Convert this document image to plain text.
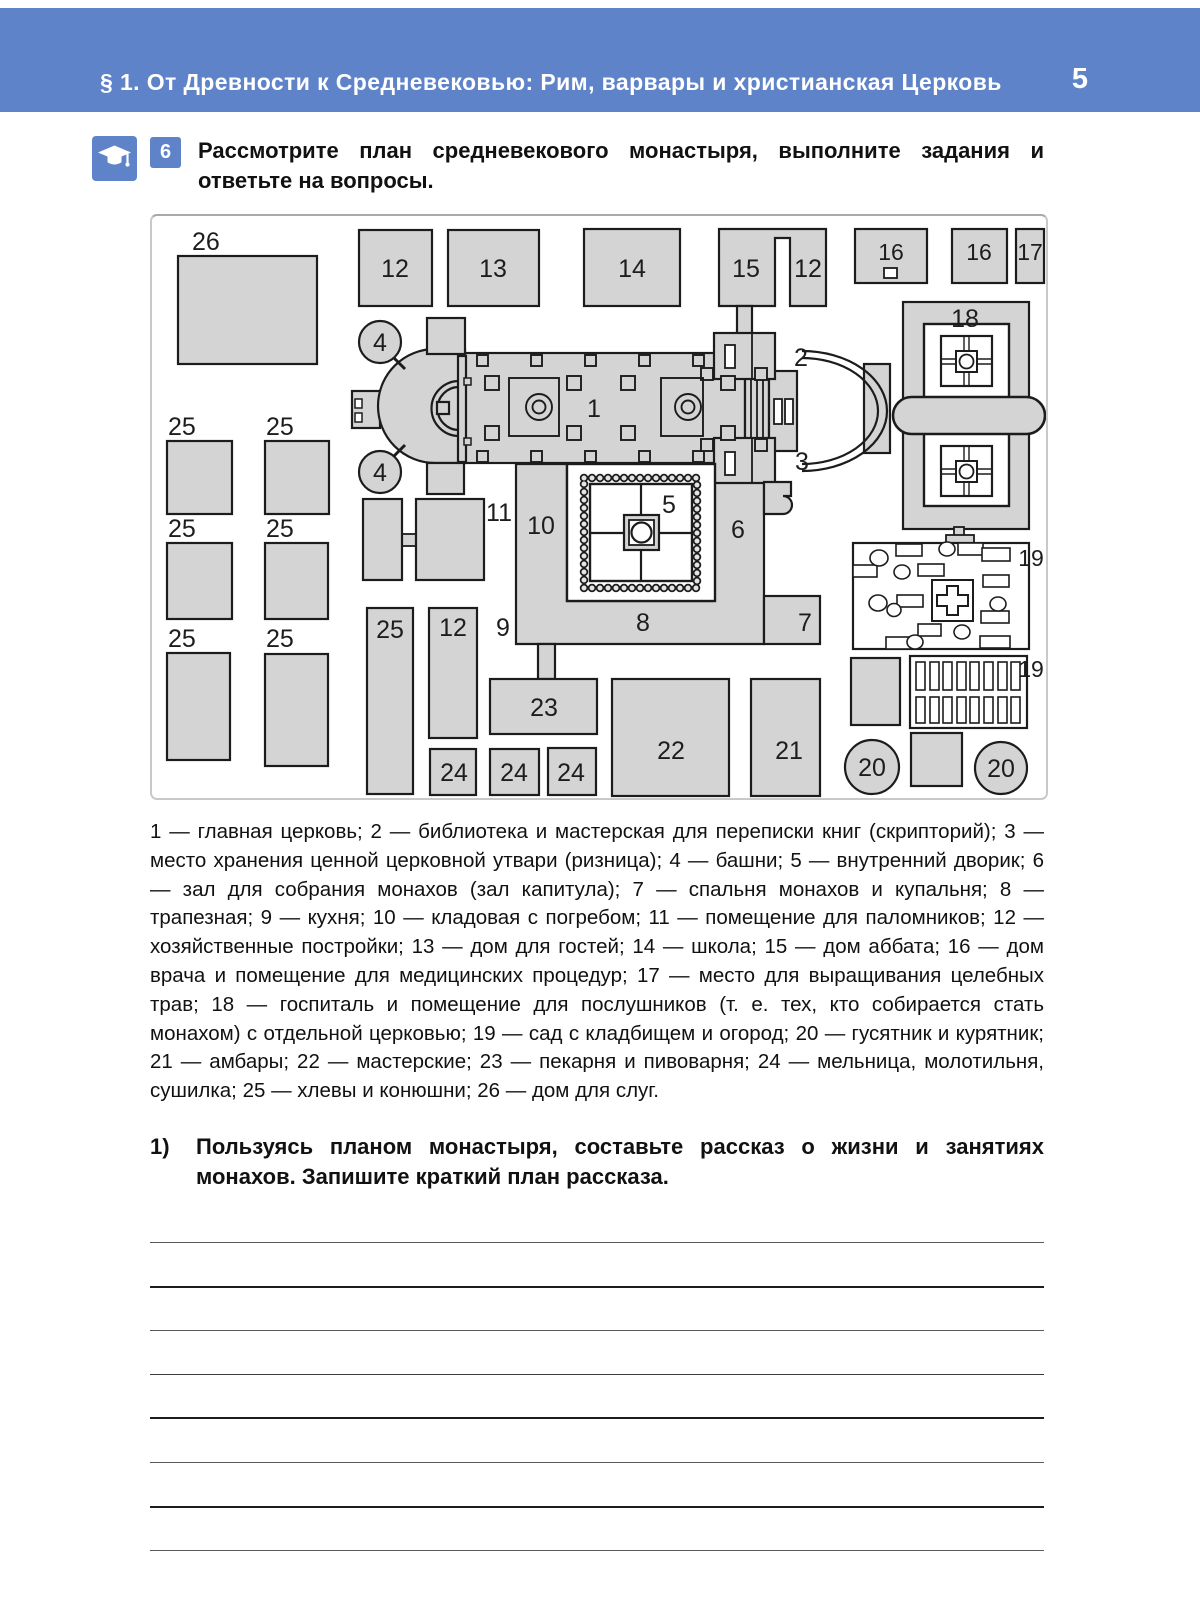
§ 1. От Древности к Средневековью: Рим, варвары и христианская Церковь 5
6	Рассмотрите план средневекового монастыря, выполните задания и ответьте на вопросы.
26
25	25
25	25
25	25	25
12	13	14	15 12
16	16 17
18
4
4
1
2
3
5
6
7
8
9
10
11
12
23
24 24 24
22	21
19
19
20	20

1 — главная церковь; 2 — библиотека и мастерская для переписки книг (скрипторий); 3 — место хранения ценной церковной утвари (ризница); 4 — башни; 5 — внутренний дворик; 6 — зал для собрания монахов (зал капитула); 7 — спальня монахов и купальня; 8 — трапезная; 9 — кухня; 10 — кладовая с погребом; 11 — помещение для паломников; 12 — хозяйственные постройки; 13 — дом для гостей; 14 — школа; 15 — дом аббата; 16 — дом врача и помещение для медицинских процедур; 17 — место для выращивания целебных трав; 18 — госпиталь и помещение для послушников (т. е. тех, кто собирается стать монахом) с отдельной церковью; 19 — сад с кладбищем и огород; 20 — гусятник и курятник; 21 — амбары; 22 — мастерские; 23 — пекарня и пивоварня; 24 — мельница, молотильня, сушилка; 25 — хлевы и конюшни; 26 — дом для слуг.

1)	Пользуясь планом монастыря, составьте рассказ о жизни и занятиях монахов. Запишите краткий план рассказа.
